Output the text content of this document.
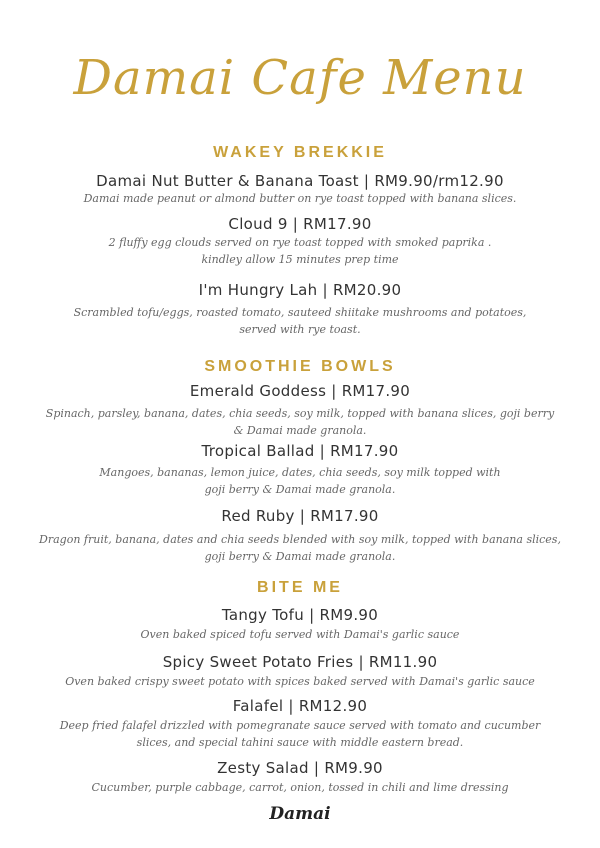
Damai Cafe Menu
WAKEY BREKKIE
Damai Nut Butter & Banana Toast | RM9.90/rm12.90
Damai made peanut or almond butter on rye toast topped with banana slices.
Cloud 9 | RM17.90
2 fluffy egg clouds served on rye toast topped with smoked paprika .
kindley allow 15 minutes prep time
I'm Hungry Lah | RM20.90
Scrambled tofu/eggs, roasted tomato, sauteed shiitake mushrooms and potatoes,
served with rye toast.
SMOOTHIE BOWLS
Emerald Goddess | RM17.90
Spinach, parsley, banana, dates, chia seeds, soy milk, topped with banana slices, goji berry
& Damai made granola.
Tropical Ballad | RM17.90
Mangoes, bananas, lemon juice, dates, chia seeds, soy milk topped with
goji berry & Damai made granola.
Red Ruby | RM17.90
Dragon fruit, banana, dates and chia seeds blended with soy milk, topped with banana slices,
goji berry & Damai made granola.
BITE ME
Tangy Tofu | RM9.90
Oven baked spiced tofu served with Damai's garlic sauce
Spicy Sweet Potato Fries | RM11.90
Oven baked crispy sweet potato with spices baked served with Damai's garlic sauce
Falafel | RM12.90
Deep fried falafel drizzled with pomegranate sauce served with tomato and cucumber
slices, and special tahini sauce with middle eastern bread.
Zesty Salad | RM9.90
Cucumber, purple cabbage, carrot, onion, tossed in chili and lime dressing
Damai
